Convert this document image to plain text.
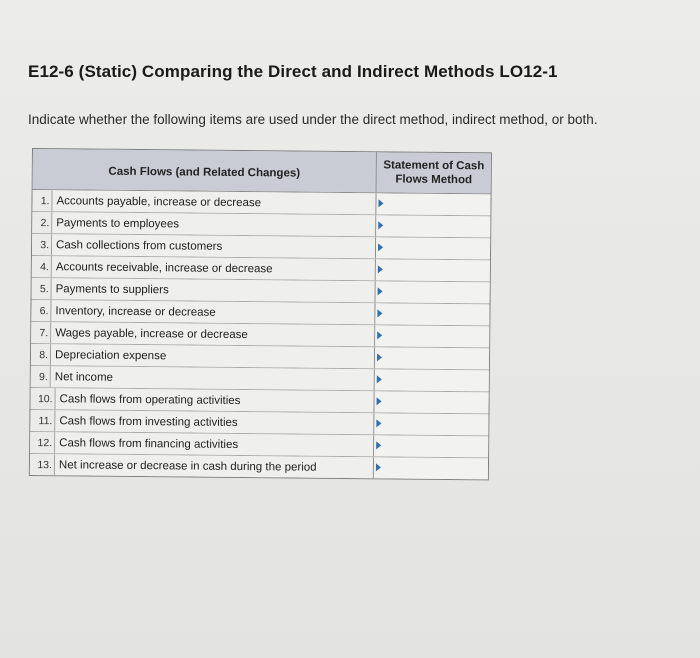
E12-6 (Static) Comparing the Direct and Indirect Methods LO12-1
Indicate whether the following items are used under the direct method, indirect method, or both.
Cash Flows (and Related Changes)	Statement of Cash
Flows Method
1. Accounts payable, increase or decrease
2. Payments to employees
3. Cash collections from customers
4. Accounts receivable, increase or decrease
5. Payments to suppliers
6. Inventory, increase or decrease
7. Wages payable, increase or decrease
8. Depreciation expense
9. Net income
10. Cash flows from operating activities
11. Cash flows from investing activities
12. Cash flows from financing activities
13. Net increase or decrease in cash during the period
